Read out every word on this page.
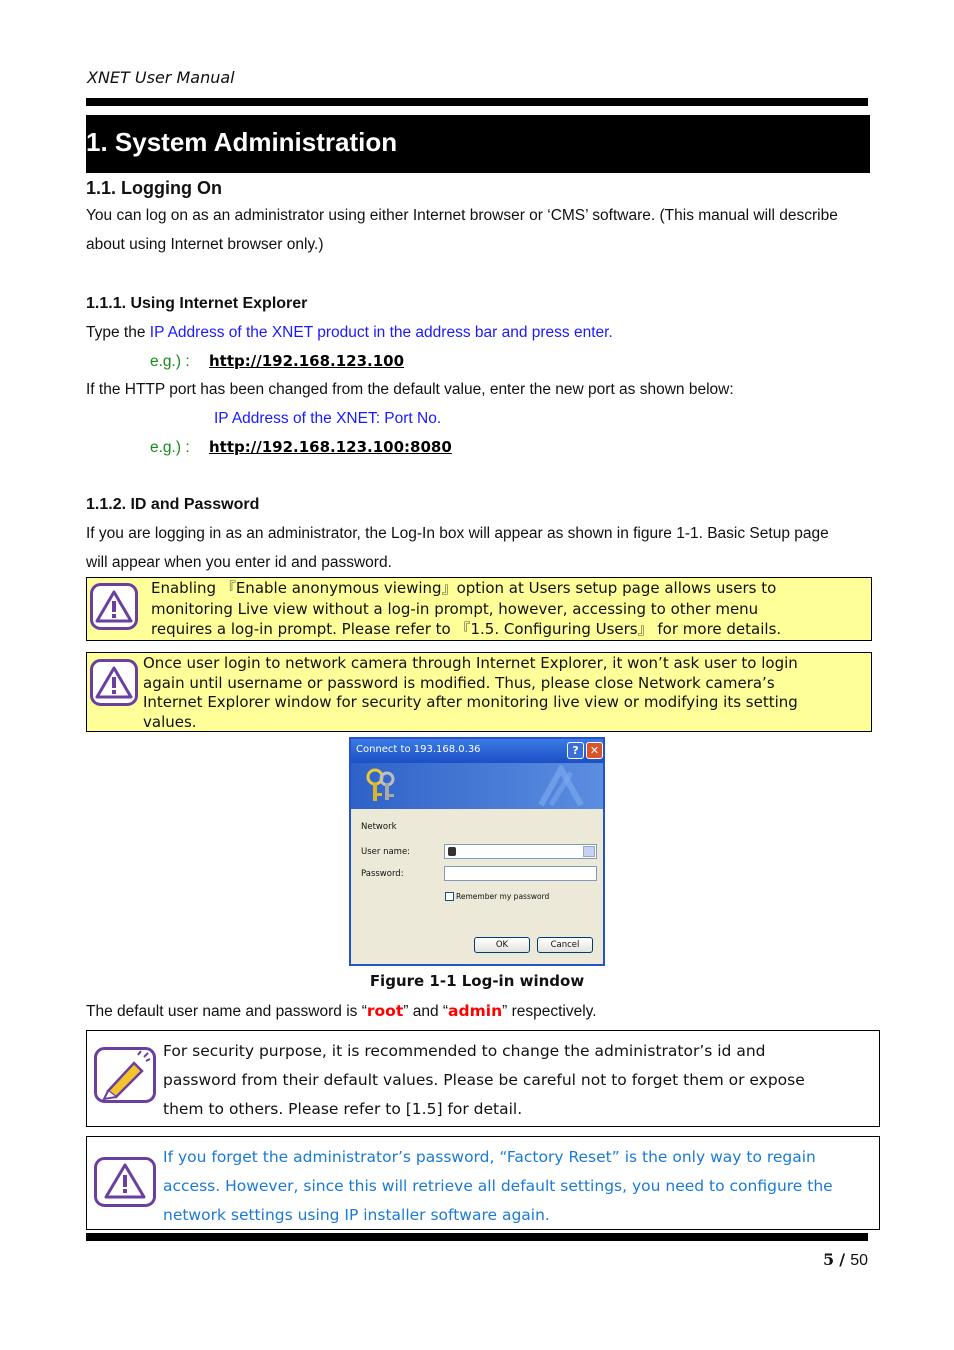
XNET User Manual
1. System Administration
1.1. Logging On
You can log on as an administrator using either Internet browser or ‘CMS’ software. (This manual will describe
about using Internet browser only.)
1.1.1. Using Internet Explorer
Type the IP Address of the XNET product in the address bar and press enter.
e.g.) : http://192.168.123.100
If the HTTP port has been changed from the default value, enter the new port as shown below:
IP Address of the XNET: Port No.
e.g.) : http://192.168.123.100:8080
1.1.2. ID and Password
If you are logging in as an administrator, the Log-In box will appear as shown in figure 1-1. Basic Setup page
will appear when you enter id and password.
Enabling 『Enable anonymous viewing』option at Users setup page allows users to
monitoring Live view without a log-in prompt, however, accessing to other menu
requires a log-in prompt. Please refer to 『1.5. Configuring Users』 for more details.
Once user login to network camera through Internet Explorer, it won’t ask user to login
again until username or password is modified. Thus, please close Network camera’s
Internet Explorer window for security after monitoring live view or modifying its setting
values.
Connect to 193.168.0.36	?	✕
Network
User name:
Password:
Remember my password
OK	Cancel
Figure 1-1 Log-in window
The default user name and password is “root” and “admin” respectively.
For security purpose, it is recommended to change the administrator’s id and
password from their default values. Please be careful not to forget them or expose
them to others. Please refer to [1.5] for detail.
If you forget the administrator’s password, “Factory Reset” is the only way to regain
access. However, since this will retrieve all default settings, you need to configure the
network settings using IP installer software again.
5 / 50
